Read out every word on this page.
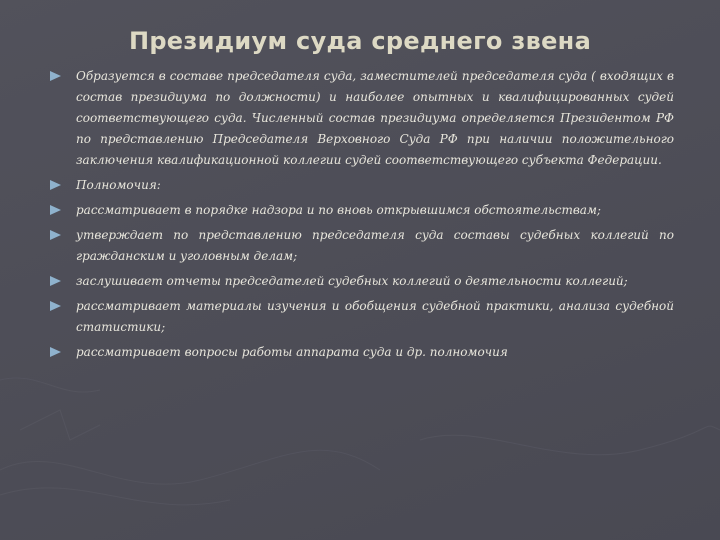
Президиум суда среднего звена
Образуется в составе председателя суда, заместителей председателя суда ( входящих в состав президиума по должности) и наиболее опытных и квалифицированных судей соответствующего суда. Численный состав президиума определяется Президентом РФ по представлению Председателя Верховного Суда РФ при наличии положительного заключения квалификационной коллегии судей соответствующего субъекта Федерации.
Полномочия:
рассматривает в порядке надзора и по вновь открывшимся обстоятельствам;
утверждает по представлению председателя суда составы судебных коллегий по гражданским и уголовным делам;
заслушивает отчеты председателей судебных коллегий о деятельности коллегий;
рассматривает материалы изучения и обобщения судебной практики, анализа судебной статистики;
рассматривает вопросы работы аппарата суда и др. полномочия
